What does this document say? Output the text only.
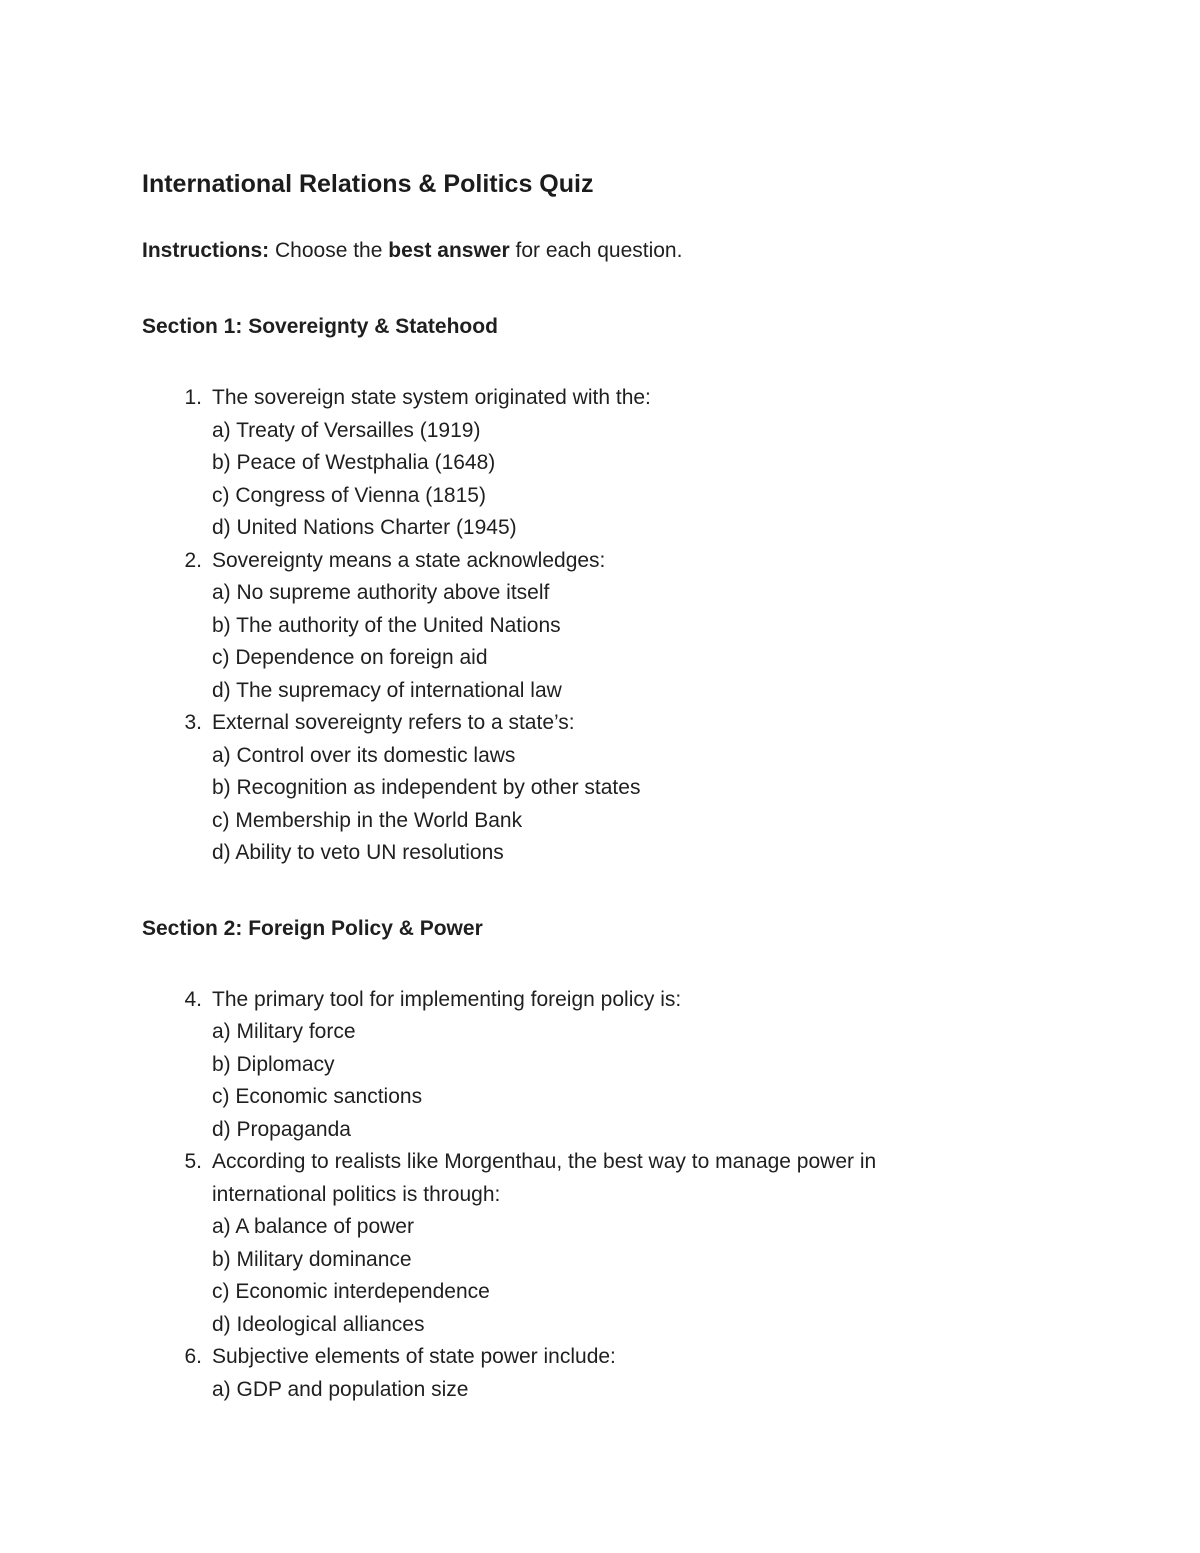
International Relations & Politics Quiz

Instructions: Choose the best answer for each question.

Section 1: Sovereignty & Statehood
1. The sovereign state system originated with the:
a) Treaty of Versailles (1919)
b) Peace of Westphalia (1648)
c) Congress of Vienna (1815)
d) United Nations Charter (1945)
2. Sovereignty means a state acknowledges:
a) No supreme authority above itself
b) The authority of the United Nations
c) Dependence on foreign aid
d) The supremacy of international law
3. External sovereignty refers to a state’s:
a) Control over its domestic laws
b) Recognition as independent by other states
c) Membership in the World Bank
d) Ability to veto UN resolutions
Section 2: Foreign Policy & Power
4. The primary tool for implementing foreign policy is:
a) Military force
b) Diplomacy
c) Economic sanctions
d) Propaganda
5. According to realists like Morgenthau, the best way to manage power in international politics is through:
a) A balance of power
b) Military dominance
c) Economic interdependence
d) Ideological alliances
6. Subjective elements of state power include:
a) GDP and population size
